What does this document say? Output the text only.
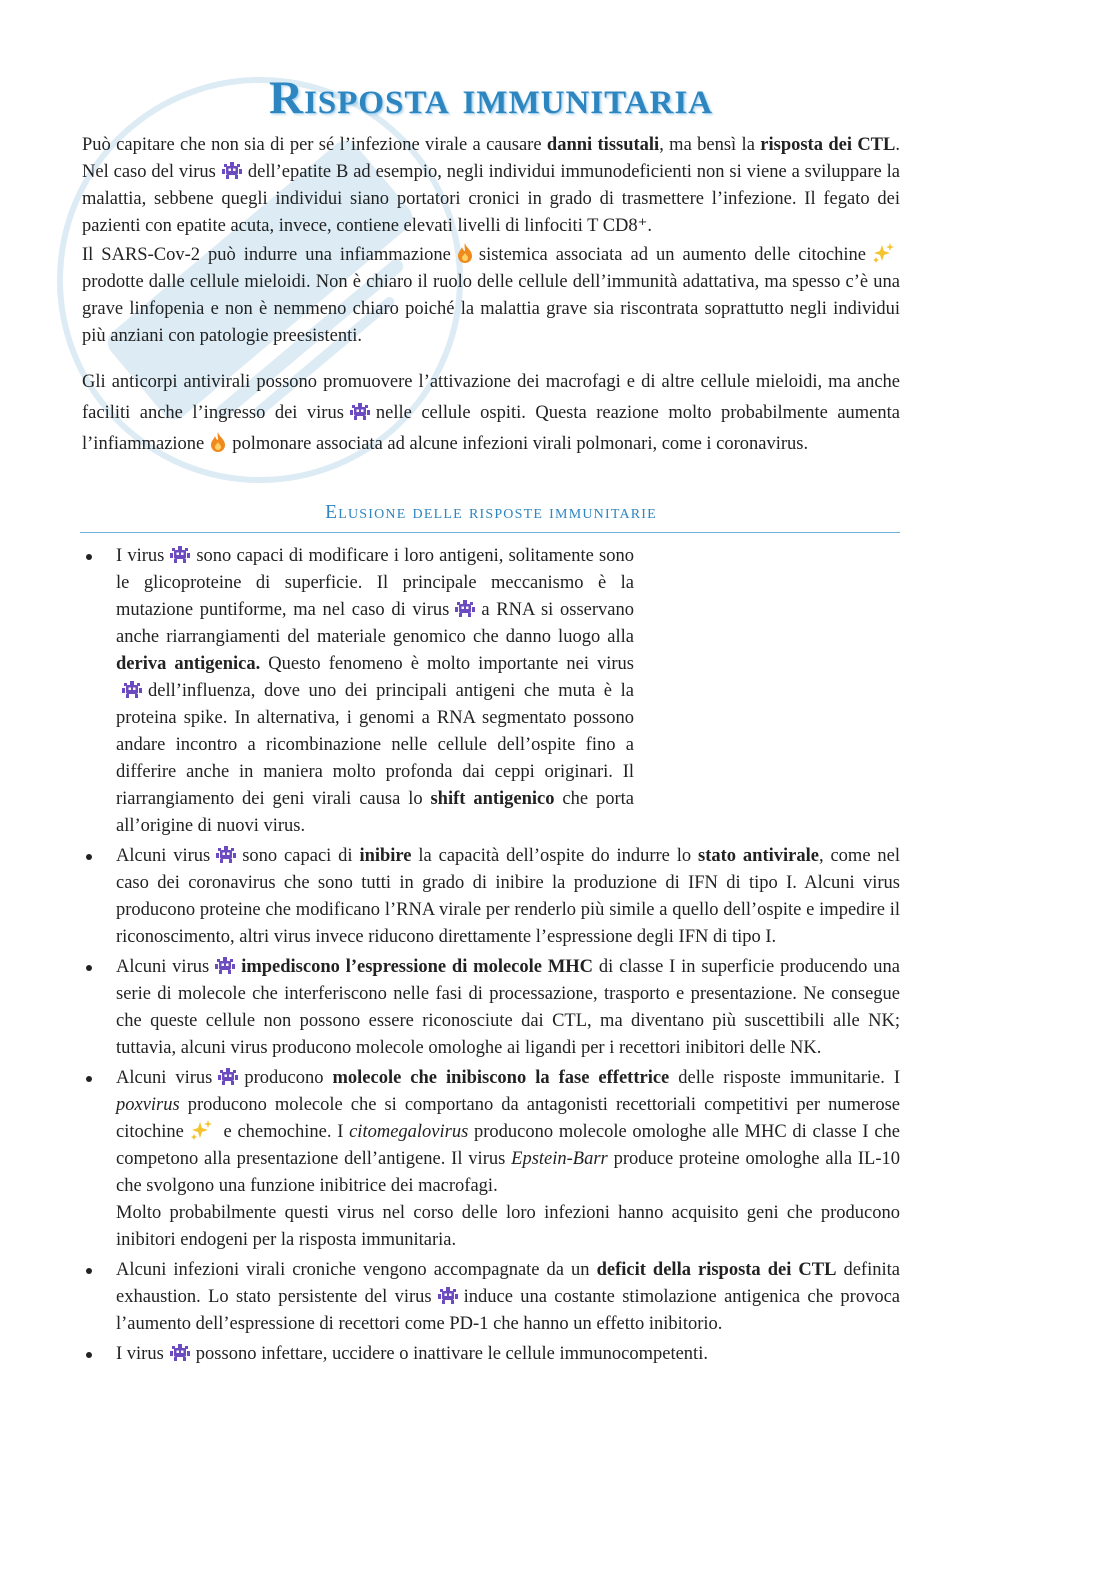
Risposta immunitaria

Può capitare che non sia di per sé l’infezione virale a causare danni tissutali, ma bensì la risposta dei CTL. Nel caso del virus dell’epatite B ad esempio, negli individui immunodeficienti non si viene a sviluppare la malattia, sebbene quegli individui siano portatori cronici in grado di trasmettere l’infezione. Il fegato dei pazienti con epatite acuta, invece, contiene elevati livelli di linfociti T CD8⁺.

Il SARS-Cov-2 può indurre una infiammazione sistemica associata ad un aumento delle citochine
prodotte dalle cellule mieloidi. Non è chiaro il ruolo delle cellule dell’immunità adattativa, ma spesso c’è una grave linfopenia e non è nemmeno chiaro poiché la malattia grave sia riscontrata soprattutto negli individui più anziani con patologie preesistenti.

Gli anticorpi antivirali possono promuovere l’attivazione dei macrofagi e di altre cellule mieloidi, ma anche faciliti anche l’ingresso dei virus nelle cellule ospiti. Questa reazione molto probabilmente aumenta l’infiammazione polmonare associata ad alcune infezioni virali polmonari, come i coronavirus.

Elusione delle risposte immunitarie
I virus sono capaci di modificare i loro antigeni, solitamente sono le glicoproteine di superficie. Il principale meccanismo è la mutazione puntiforme, ma nel caso di virus a RNA si osservano anche riarrangiamenti del materiale genomico che danno luogo alla deriva antigenica. Questo fenomeno è molto importante nei virus
dell’influenza, dove uno dei principali antigeni che muta è la proteina spike. In alternativa, i genomi a RNA segmentato possono andare incontro a ricombinazione nelle cellule dell’ospite fino a differire anche in maniera molto profonda dai ceppi originari. Il riarrangiamento dei geni virali causa lo shift antigenico che porta all’origine di nuovi virus.
Alcuni virus sono capaci di inibire la capacità dell’ospite do indurre lo stato antivirale, come nel caso dei coronavirus che sono tutti in grado di inibire la produzione di IFN di tipo I. Alcuni virus producono proteine che modificano l’RNA virale per renderlo più simile a quello dell’ospite e impedire il riconoscimento, altri virus invece riducono direttamente l’espressione degli IFN di tipo I.
Alcuni virus impediscono l’espressione di molecole MHC di classe I in superficie producendo una serie di molecole che interferiscono nelle fasi di processazione, trasporto e presentazione. Ne consegue che queste cellule non possono essere riconosciute dai CTL, ma diventano più suscettibili alle NK; tuttavia, alcuni virus producono molecole omologhe ai ligandi per i recettori inibitori delle NK.
Alcuni virus producono molecole che inibiscono la fase effettrice delle risposte immunitarie. I poxvirus producono molecole che si comportano da antagonisti recettoriali competitivi per numerose citochine
e chemochine. I citomegalovirus producono molecole omologhe alle MHC di classe I che competono alla presentazione dell’antigene. Il virus Epstein-Barr produce proteine omologhe alla IL-10 che svolgono una funzione inibitrice dei macrofagi.
Molto probabilmente questi virus nel corso delle loro infezioni hanno acquisito geni che producono inibitori endogeni per la risposta immunitaria.
Alcuni infezioni virali croniche vengono accompagnate da un deficit della risposta dei CTL definita exhaustion. Lo stato persistente del virus induce una costante stimolazione antigenica che provoca l’aumento dell’espressione di recettori come PD-1 che hanno un effetto inibitorio.
I virus possono infettare, uccidere o inattivare le cellule immunocompetenti.
